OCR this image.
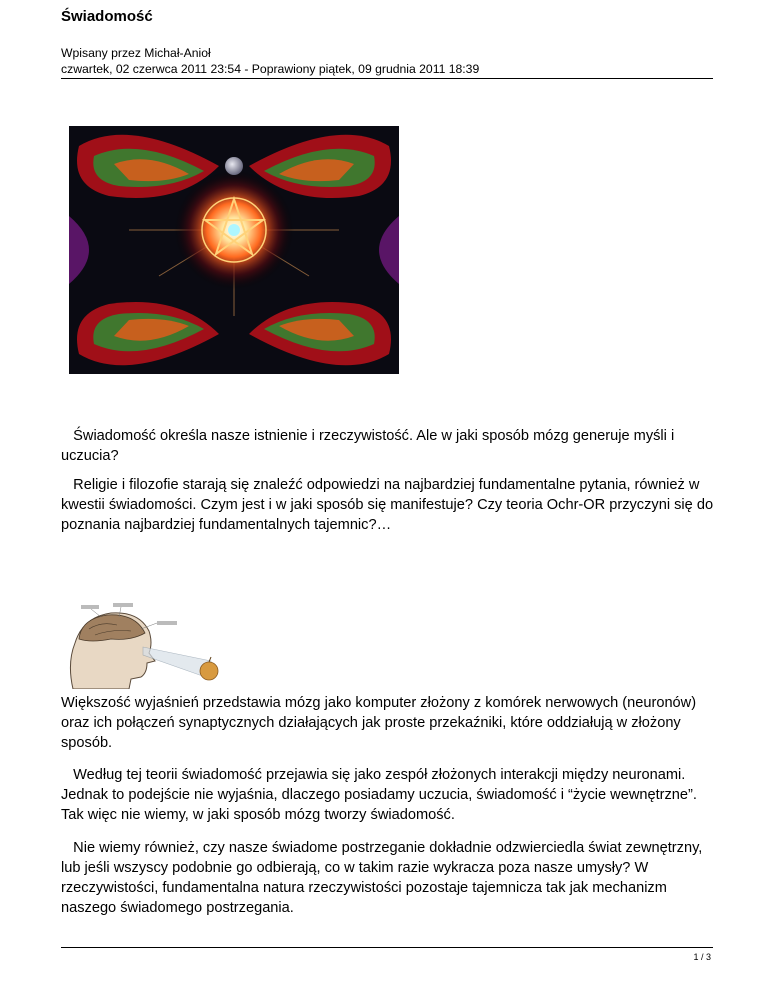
Świadomość
Wpisany przez Michał-Anioł
czwartek, 02 czerwca 2011 23:54 - Poprawiony piątek, 09 grudnia 2011 18:39

Świadomość określa nasze istnienie i rzeczywistość. Ale w jaki sposób mózg generuje myśli i uczucia?

Religie i filozofie starają się znaleźć odpowiedzi na najbardziej fundamentalne pytania, również w kwestii świadomości. Czym jest i w jaki sposób się manifestuje? Czy teoria Ochr-OR przyczyni się do poznania najbardziej fundamentalnych tajemnic?…

Większość wyjaśnień przedstawia mózg jako komputer złożony z komórek nerwowych (neuronów) oraz ich połączeń synaptycznych działających jak proste przekaźniki, które oddziałują w złożony sposób.

Według tej teorii świadomość przejawia się jako zespół złożonych interakcji między neuronami. Jednak to podejście nie wyjaśnia, dlaczego posiadamy uczucia, świadomość i “życie wewnętrzne”. Tak więc nie wiemy, w jaki sposób mózg tworzy świadomość.

Nie wiemy również, czy nasze świadome postrzeganie dokładnie odzwierciedla świat zewnętrzny, lub jeśli wszyscy podobnie go odbierają, co w takim razie wykracza poza nasze umysły? W rzeczywistości, fundamentalna natura rzeczywistości pozostaje tajemnicza tak jak mechanizm naszego świadomego postrzegania.

1 / 3
